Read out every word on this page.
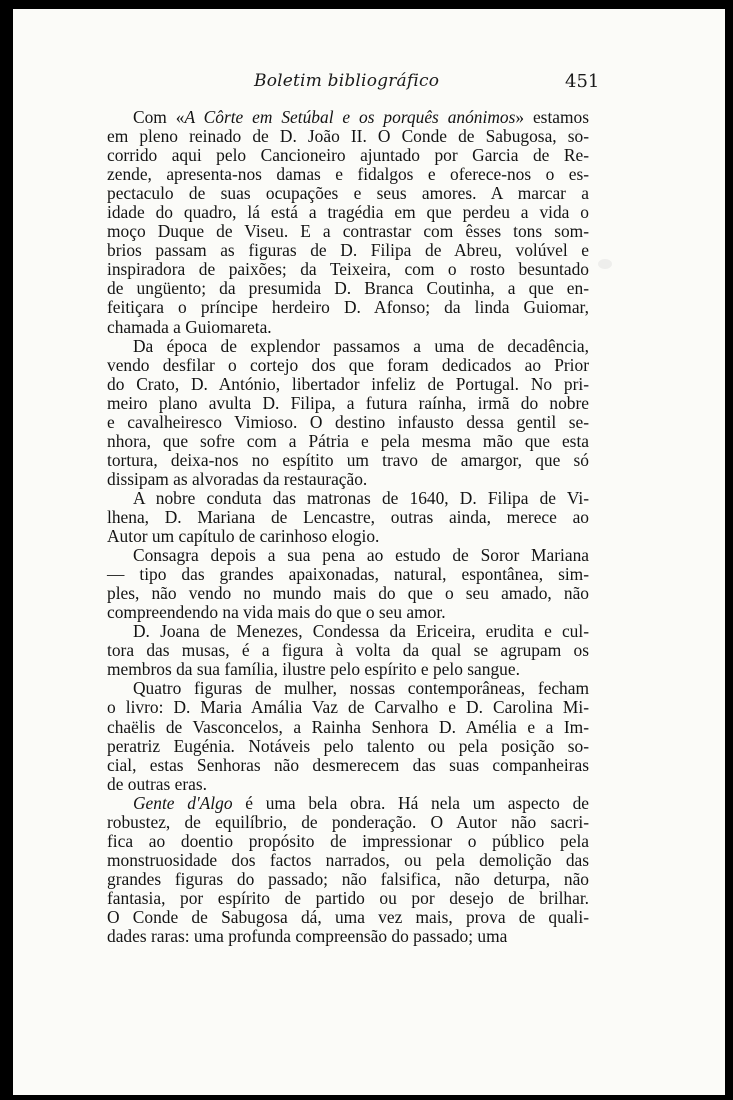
Boletim bibliográfico	451

Com «A Côrte em Setúbal e os porquês anónimos» estamos
em pleno reinado de D. João II. O Conde de Sabugosa, so-
corrido aqui pelo Cancioneiro ajuntado por Garcia de Re-
zende, apresenta-nos damas e fidalgos e oferece-nos o es-
pectaculo de suas ocupações e seus amores. A marcar a
idade do quadro, lá está a tragédia em que perdeu a vida o
moço Duque de Viseu. E a contrastar com êsses tons som-
brios passam as figuras de D. Filipa de Abreu, volúvel e
inspiradora de paixões; da Teixeira, com o rosto besuntado
de ungüento; da presumida D. Branca Coutinha, a que en-
feitiçara o príncipe herdeiro D. Afonso; da linda Guiomar,
chamada a Guiomareta.

Da época de explendor passamos a uma de decadência,
vendo desfilar o cortejo dos que foram dedicados ao Prior
do Crato, D. António, libertador infeliz de Portugal. No pri-
meiro plano avulta D. Filipa, a futura raínha, irmã do nobre
e cavalheiresco Vimioso. O destino infausto dessa gentil se-
nhora, que sofre com a Pátria e pela mesma mão que esta
tortura, deixa-nos no espítito um travo de amargor, que só
dissipam as alvoradas da restauração.

A nobre conduta das matronas de 1640, D. Filipa de Vi-
lhena, D. Mariana de Lencastre, outras ainda, merece ao
Autor um capítulo de carinhoso elogio.

Consagra depois a sua pena ao estudo de Soror Mariana
— tipo das grandes apaixonadas, natural, espontânea, sim-
ples, não vendo no mundo mais do que o seu amado, não
compreendendo na vida mais do que o seu amor.

D. Joana de Menezes, Condessa da Ericeira, erudita e cul-
tora das musas, é a figura à volta da qual se agrupam os
membros da sua família, ilustre pelo espírito e pelo sangue.

Quatro figuras de mulher, nossas contemporâneas, fecham
o livro: D. Maria Amália Vaz de Carvalho e D. Carolina Mi-
chaëlis de Vasconcelos, a Rainha Senhora D. Amélia e a Im-
peratriz Eugénia. Notáveis pelo talento ou pela posição so-
cial, estas Senhoras não desmerecem das suas companheiras
de outras eras.

Gente d'Algo é uma bela obra. Há nela um aspecto de
robustez, de equilíbrio, de ponderação. O Autor não sacri-
fica ao doentio propósito de impressionar o público pela
monstruosidade dos factos narrados, ou pela demolição das
grandes figuras do passado; não falsifica, não deturpa, não
fantasia, por espírito de partido ou por desejo de brilhar.
O Conde de Sabugosa dá, uma vez mais, prova de quali-
dades raras: uma profunda compreensão do passado; uma
